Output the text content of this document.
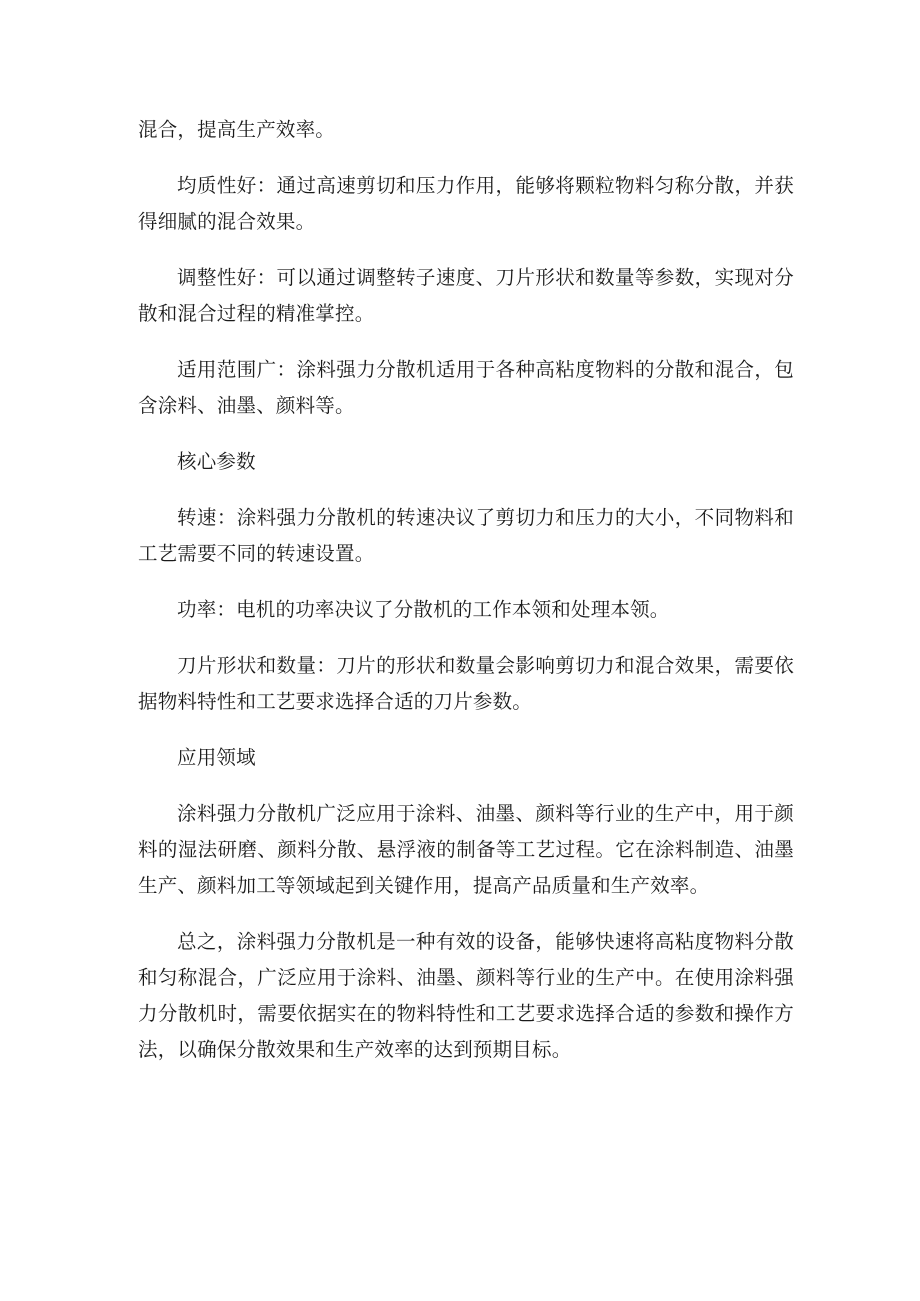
混合，提高生产效率。

均质性好：通过高速剪切和压力作用，能够将颗粒物料匀称分散，并获得细腻的混合效果。

调整性好：可以通过调整转子速度、刀片形状和数量等参数，实现对分散和混合过程的精准掌控。

适用范围广：涂料强力分散机适用于各种高粘度物料的分散和混合，包含涂料、油墨、颜料等。

核心参数

转速：涂料强力分散机的转速决议了剪切力和压力的大小，不同物料和工艺需要不同的转速设置。

功率：电机的功率决议了分散机的工作本领和处理本领。

刀片形状和数量：刀片的形状和数量会影响剪切力和混合效果，需要依据物料特性和工艺要求选择合适的刀片参数。

应用领域

涂料强力分散机广泛应用于涂料、油墨、颜料等行业的生产中，用于颜料的湿法研磨、颜料分散、悬浮液的制备等工艺过程。它在涂料制造、油墨生产、颜料加工等领域起到关键作用，提高产品质量和生产效率。

总之，涂料强力分散机是一种有效的设备，能够快速将高粘度物料分散和匀称混合，广泛应用于涂料、油墨、颜料等行业的生产中。在使用涂料强力分散机时，需要依据实在的物料特性和工艺要求选择合适的参数和操作方法，以确保分散效果和生产效率的达到预期目标。
